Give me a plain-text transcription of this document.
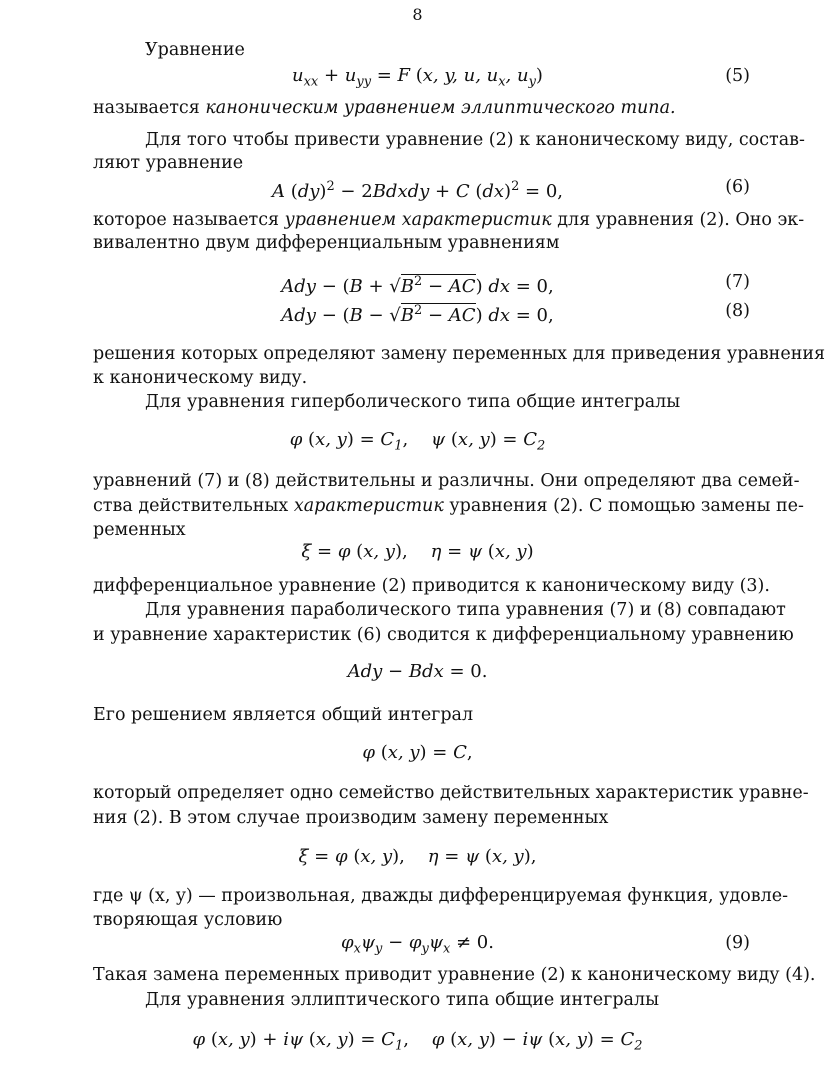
8
Уравнение
$u_{xx} + u_{yy} = F$ (x, y, u, $u_x$, $u_y$)	(5)
называется каноническим уравнением эллиптического типа.
Для того чтобы привести уравнение (2) к каноническому виду, состав-
ляют уравнение
A (dy)$^2$ − 2Bdxdy + C (dx)$^2$ = 0,	(6)
которое называется уравнением характеристик для уравнения (2). Оно эк-
вивалентно двум дифференциальным уравнениям
Ady − $(B + √B^2 - AC)$ dx = 0,	(7)
Ady − $(B - √B^2 - AC)$ dx = 0,	(8)
решения которых определяют замену переменных для приведения уравнения
к каноническому виду.
Для уравнения гиперболического типа общие интегралы
φ (x, $y) = C_1$,    ψ (x, $y) = C_2$
уравнений (7) и (8) действительны и различны. Они определяют два семей-
ства действительных характеристик уравнения (2). С помощью замены пе-
ременных
ξ = φ (x, y),    η = ψ (x, y)
дифференциальное уравнение (2) приводится к каноническому виду (3).
Для уравнения параболического типа уравнения (7) и (8) совпадают
и уравнение характеристик (6) сводится к дифференциальному уравнению
Ady − Bdx = 0.
Его решением является общий интеграл
φ (x, y) = C,
который определяет одно семейство действительных характеристик уравне-
ния (2). В этом случае производим замену переменных
ξ = φ (x, y),    η = ψ (x, y),
где ψ (x, y) — произвольная, дважды дифференцируемая функция, удовле-
творяющая условию
$\varphi_x\psi_y - \varphi_y\psi_x \ne 0$.	(9)
Такая замена переменных приводит уравнение (2) к каноническому виду (4).
Для уравнения эллиптического типа общие интегралы
φ (x, y) + iψ (x, $y) = C_1$,    φ (x, y) − iψ (x, $y) = C_2$
